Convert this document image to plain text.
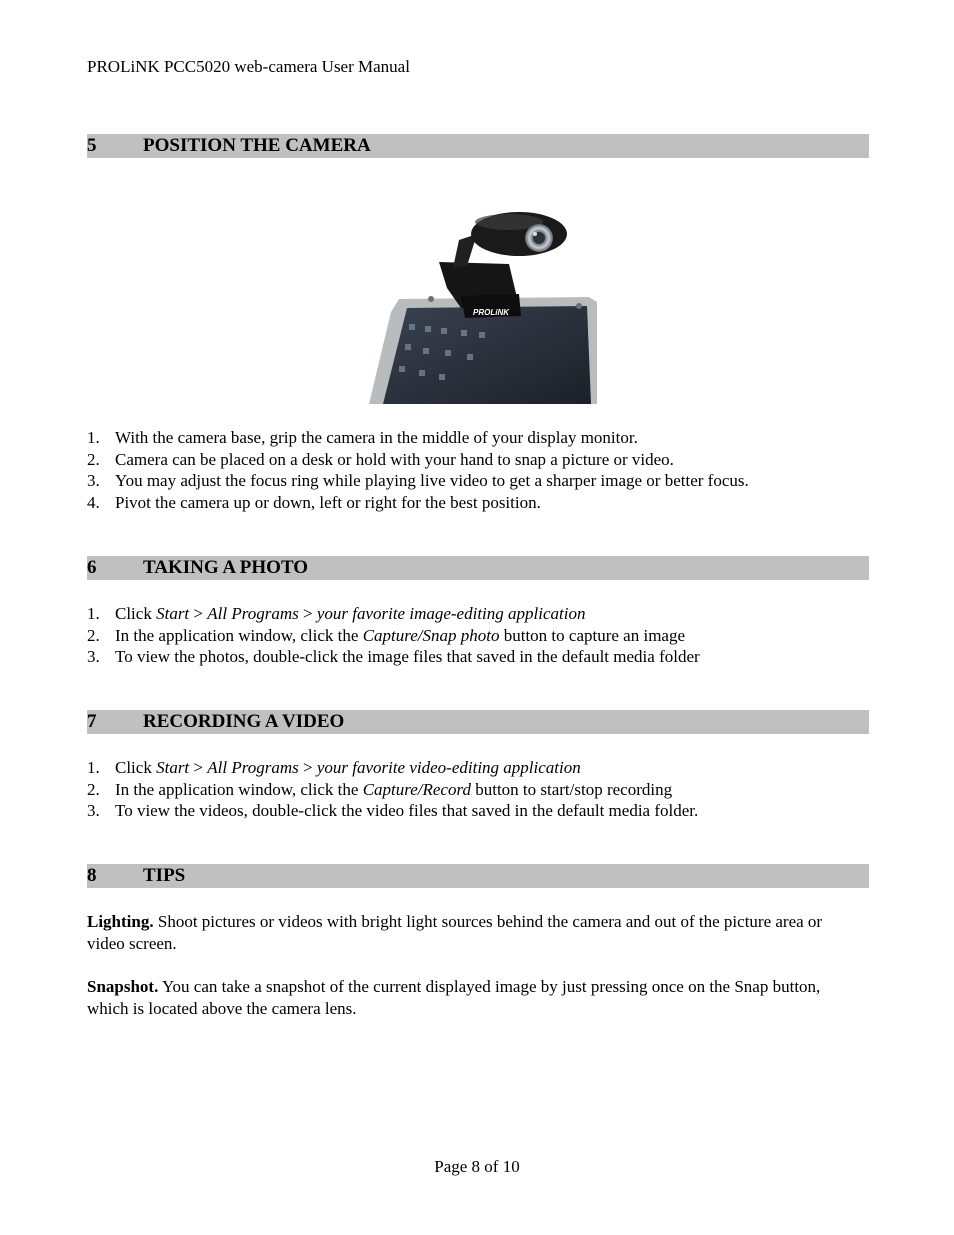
PROLiNK PCC5020 web-camera User Manual
5	POSITION THE CAMERA
PROLiNK
1. With the camera base, grip the camera in the middle of your display monitor.
2. Camera can be placed on a desk or hold with your hand to snap a picture or video.
3. You may adjust the focus ring while playing live video to get a sharper image or better focus.
4. Pivot the camera up or down, left or right for the best position.
6	TAKING A PHOTO
1. Click Start > All Programs > your favorite image-editing application
2. In the application window, click the Capture/Snap photo button to capture an image
3. To view the photos, double-click the image files that saved in the default media folder
7	RECORDING A VIDEO
1. Click Start > All Programs > your favorite video-editing application
2. In the application window, click the Capture/Record button to start/stop recording
3. To view the videos, double-click the video files that saved in the default media folder.
8	TIPS
Lighting. Shoot pictures or videos with bright light sources behind the camera and out of the picture area or video screen.
Snapshot. You can take a snapshot of the current displayed image by just pressing once on the Snap button, which is located above the camera lens.
Page 8 of 10
